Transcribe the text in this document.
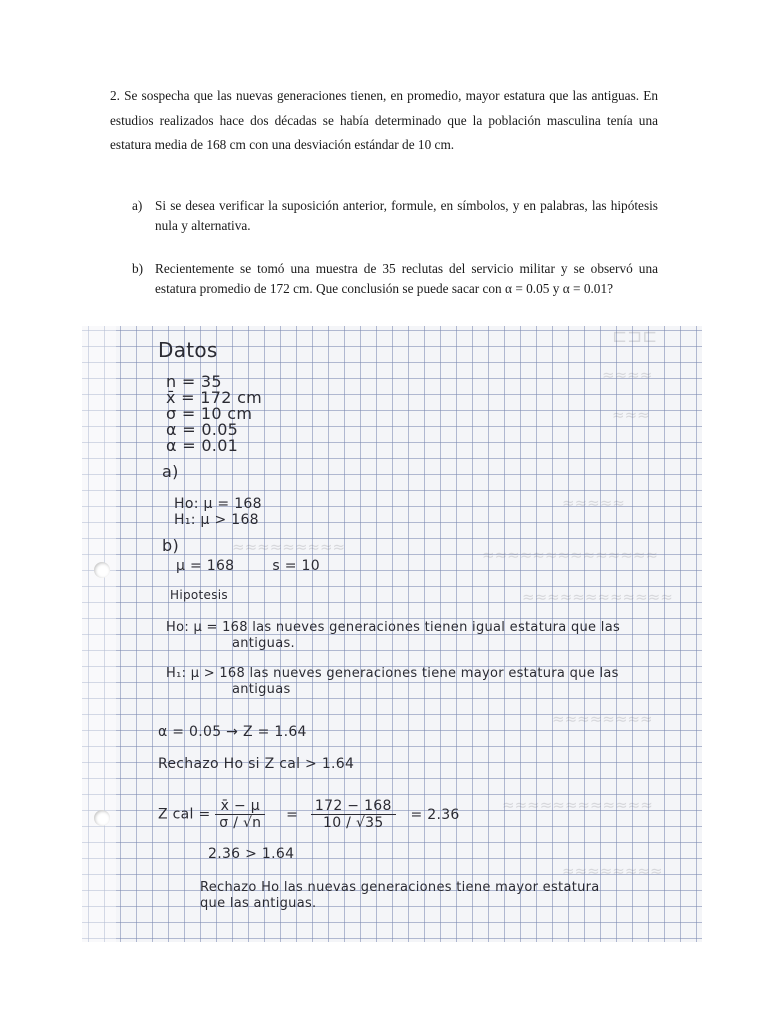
2. Se sospecha que las nuevas generaciones tienen, en promedio, mayor estatura que las antiguas. En estudios realizados hace dos décadas se había determinado que la población masculina tenía una estatura media de 168 cm con una desviación estándar de 10 cm.

a) Si se desea verificar la suposición anterior, formule, en símbolos, y en palabras, las hipótesis nula y alternativa.
b) Recientemente se tomó una muestra de 35 reclutas del servicio militar y se observó una estatura promedio de 172 cm. Que conclusión se puede sacar con α = 0.05 y α = 0.01?
⊏⊐⊏
≈≈≈≈
≈≈≈
≈≈≈≈≈
≈≈≈≈≈≈≈≈≈	≈≈≈≈≈≈≈≈≈≈≈≈≈≈
≈≈≈≈≈≈≈≈≈≈≈≈
≈≈≈≈≈≈≈≈
≈≈≈≈≈≈≈≈≈≈≈≈
≈≈≈≈≈≈≈≈
Datos
n = 35
x̄ = 172 cm
σ = 10 cm
α = 0.05
α = 0.01
a)
Ho: μ = 168
H₁: μ > 168
b)
μ = 168        s = 10
Hipotesis
Ho: μ = 168 las nueves generaciones tienen igual estatura que las
antiguas.
H₁: μ > 168 las nueves generaciones tiene mayor estatura que las
antiguas
α = 0.05 → Z = 1.64
Rechazo Ho si Z cal > 1.64
Z cal = $\frac{x̄ - \mu}{\sigma / √n} = \frac{172 - 168}{10 / √35} = 2.36$
2.36 > 1.64
Rechazo Ho las nuevas generaciones tiene mayor estatura
que las antiguas.
